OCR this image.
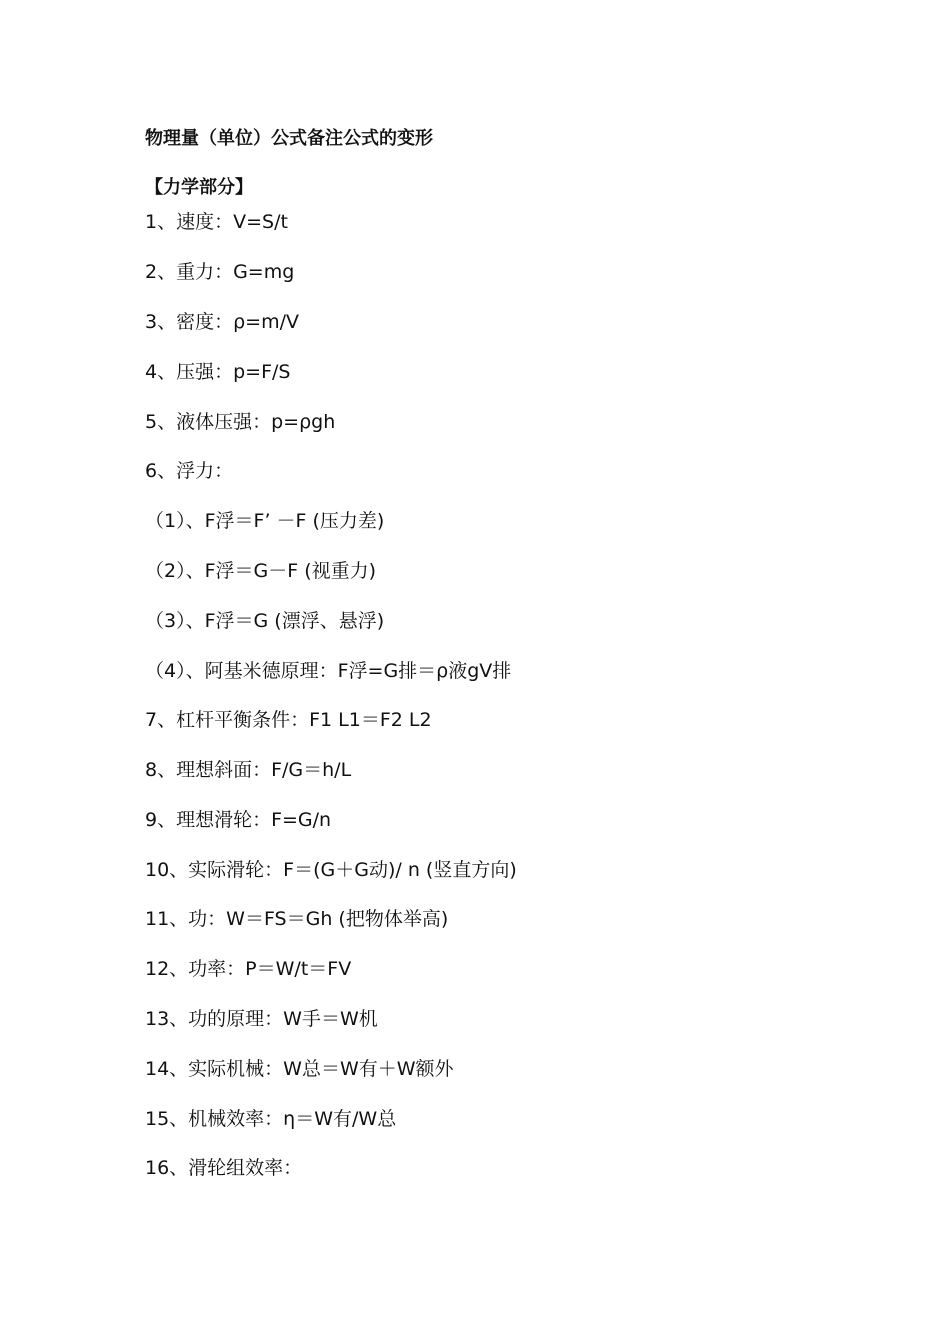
物理量（单位）公式备注公式的变形
【力学部分】
1、速度：V=S/t
2、重力：G=mg
3、密度：ρ=m/V
4、压强：p=F/S
5、液体压强：p=ρgh
6、浮力：
（1）、F浮＝F’ －F (压力差)
（2）、F浮＝G－F (视重力)
（3）、F浮＝G (漂浮、悬浮)
（4）、阿基米德原理：F浮=G排＝ρ液gV排
7、杠杆平衡条件：F1 L1＝F2 L2
8、理想斜面：F/G＝h/L
9、理想滑轮：F=G/n
10、实际滑轮：F＝(G＋G动)/ n (竖直方向)
11、功：W＝FS＝Gh (把物体举高)
12、功率：P＝W/t＝FV
13、功的原理：W手＝W机
14、实际机械：W总＝W有＋W额外
15、机械效率：η＝W有/W总
16、滑轮组效率：
